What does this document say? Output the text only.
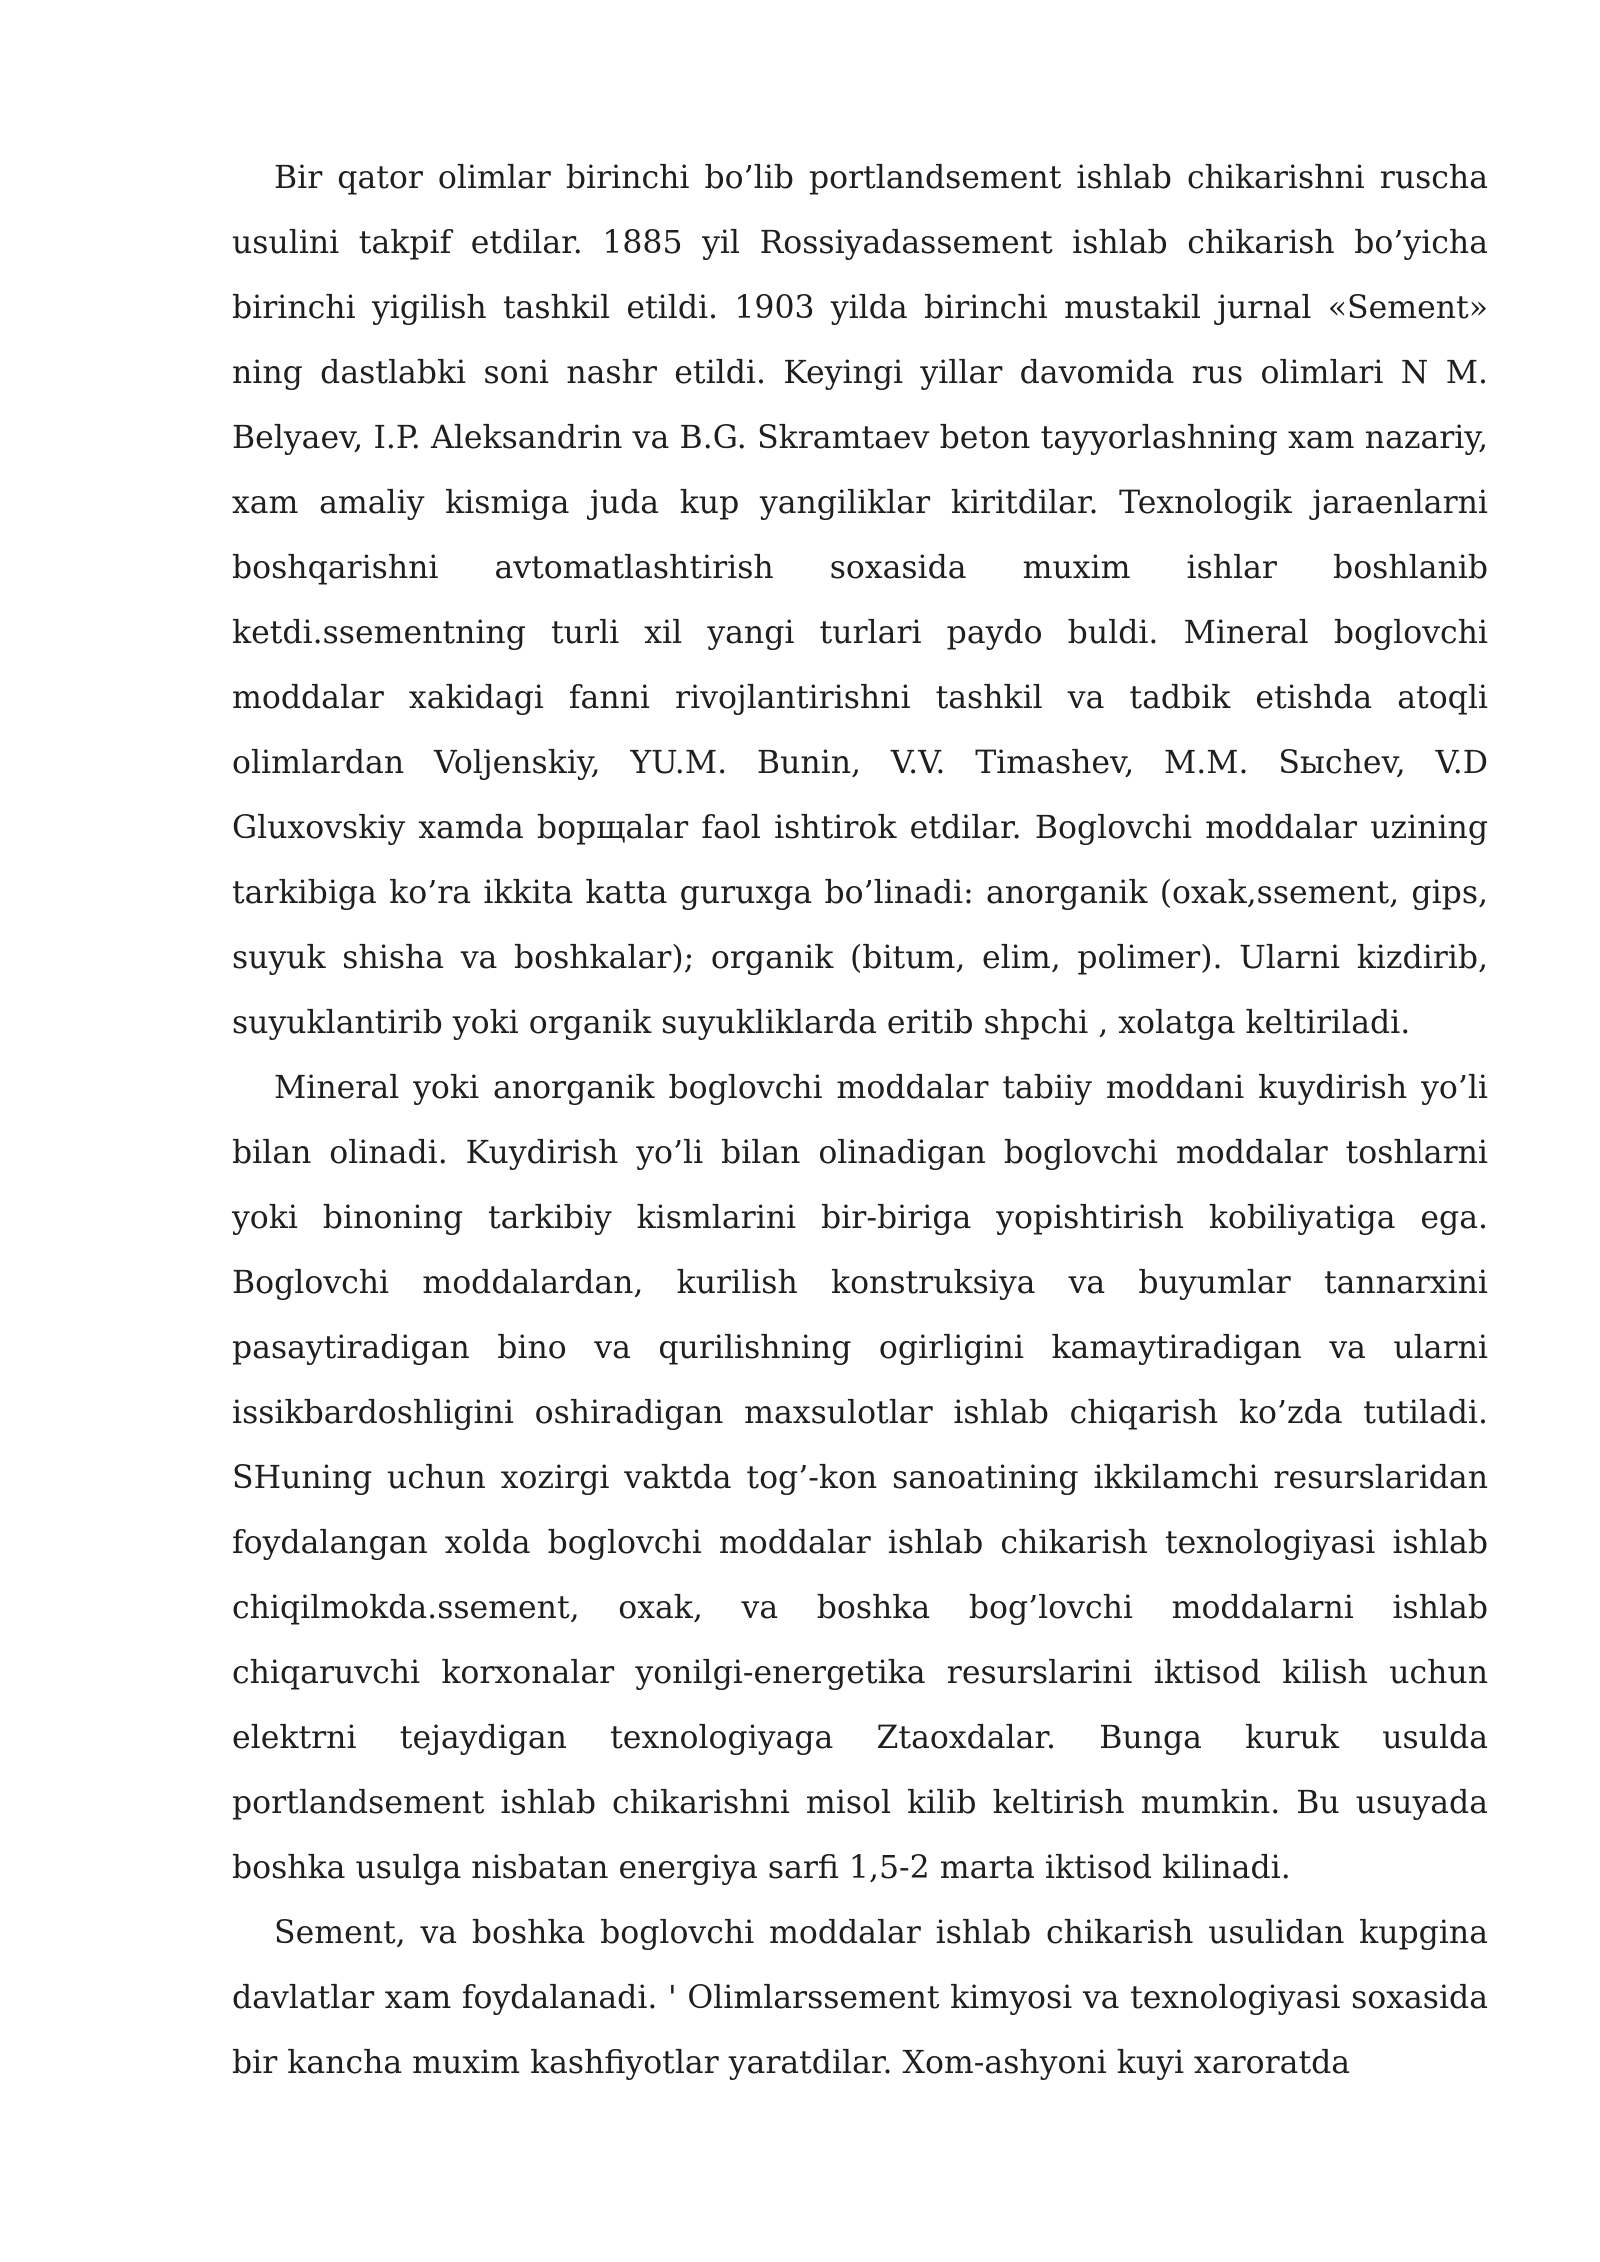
Bir qator olimlar birinchi bo’lib portlandsement ishlab chikarishni ruscha usulini takpif etdilar. 1885 yil Rossiyadassement ishlab chikarish bo’yicha birinchi yigilish tashkil etildi. 1903 yilda birinchi mustakil jurnal «Sement» ning dastlabki soni nashr etildi. Keyingi yillar davomida rus olimlari N M. Belyaev, I.P. Aleksandrin va B.G. Skramtaev beton tayyorlashning xam nazariy, xam amaliy kismiga juda kup yangiliklar kiritdilar. Texnologik jaraenlarni boshqarishni avtomatlashtirish soxasida muxim ishlar boshlanib ketdi.ssementning turli xil yangi turlari paydo buldi. Mineral boglovchi moddalar xakidagi fanni rivojlantirishni tashkil va tadbik etishda atoqli olimlardan Voljenskiy, YU.M. Bunin, V.V. Timashev, M.M. Sыchev, V.D Gluxovskiy xamda bopщalar faol ishtirok etdilar. Boglovchi moddalar uzining tarkibiga ko’ra ikkita katta guruxga bo’linadi: anorganik (oxak,ssement, gips, suyuk shisha va boshkalar); organik (bitum, elim, polimer). Ularni kizdirib, suyuklantirib yoki organik suyukliklarda eritib shpchi , xolatga keltiriladi.

Mineral yoki anorganik boglovchi moddalar tabiiy moddani kuydirish yo’li bilan olinadi. Kuydirish yo’li bilan olinadigan boglovchi moddalar toshlarni yoki binoning tarkibiy kismlarini bir-biriga yopishtirish kobiliyatiga ega. Boglovchi moddalardan, kurilish konstruksiya va buyumlar tannarxini pasaytiradigan bino va qurilishning ogirligini kamaytiradigan va ularni issikbardoshligini oshiradigan maxsulotlar ishlab chiqarish ko’zda tutiladi. SHuning uchun xozirgi vaktda tog’-kon sanoatining ikkilamchi resurslaridan foydalangan xolda boglovchi moddalar ishlab chikarish texnologiyasi ishlab chiqilmokda.ssement, oxak, va boshka bog’lovchi moddalarni ishlab chiqaruvchi korxonalar yonilgi-energetika resurslarini iktisod kilish uchun elektrni tejaydigan texnologiyaga Ztaoxdalar. Bunga kuruk usulda portlandsement ishlab chikarishni misol kilib keltirish mumkin. Bu usuyada boshka usulga nisbatan energiya sarfi 1,5-2 marta iktisod kilinadi.

Sement, va boshka boglovchi moddalar ishlab chikarish usulidan kupgina davlatlar xam foydalanadi. ' Olimlarssement kimyosi va texnologiyasi soxasida bir kancha muxim kashfiyotlar yaratdilar. Xom-ashyoni kuyi xaroratda
